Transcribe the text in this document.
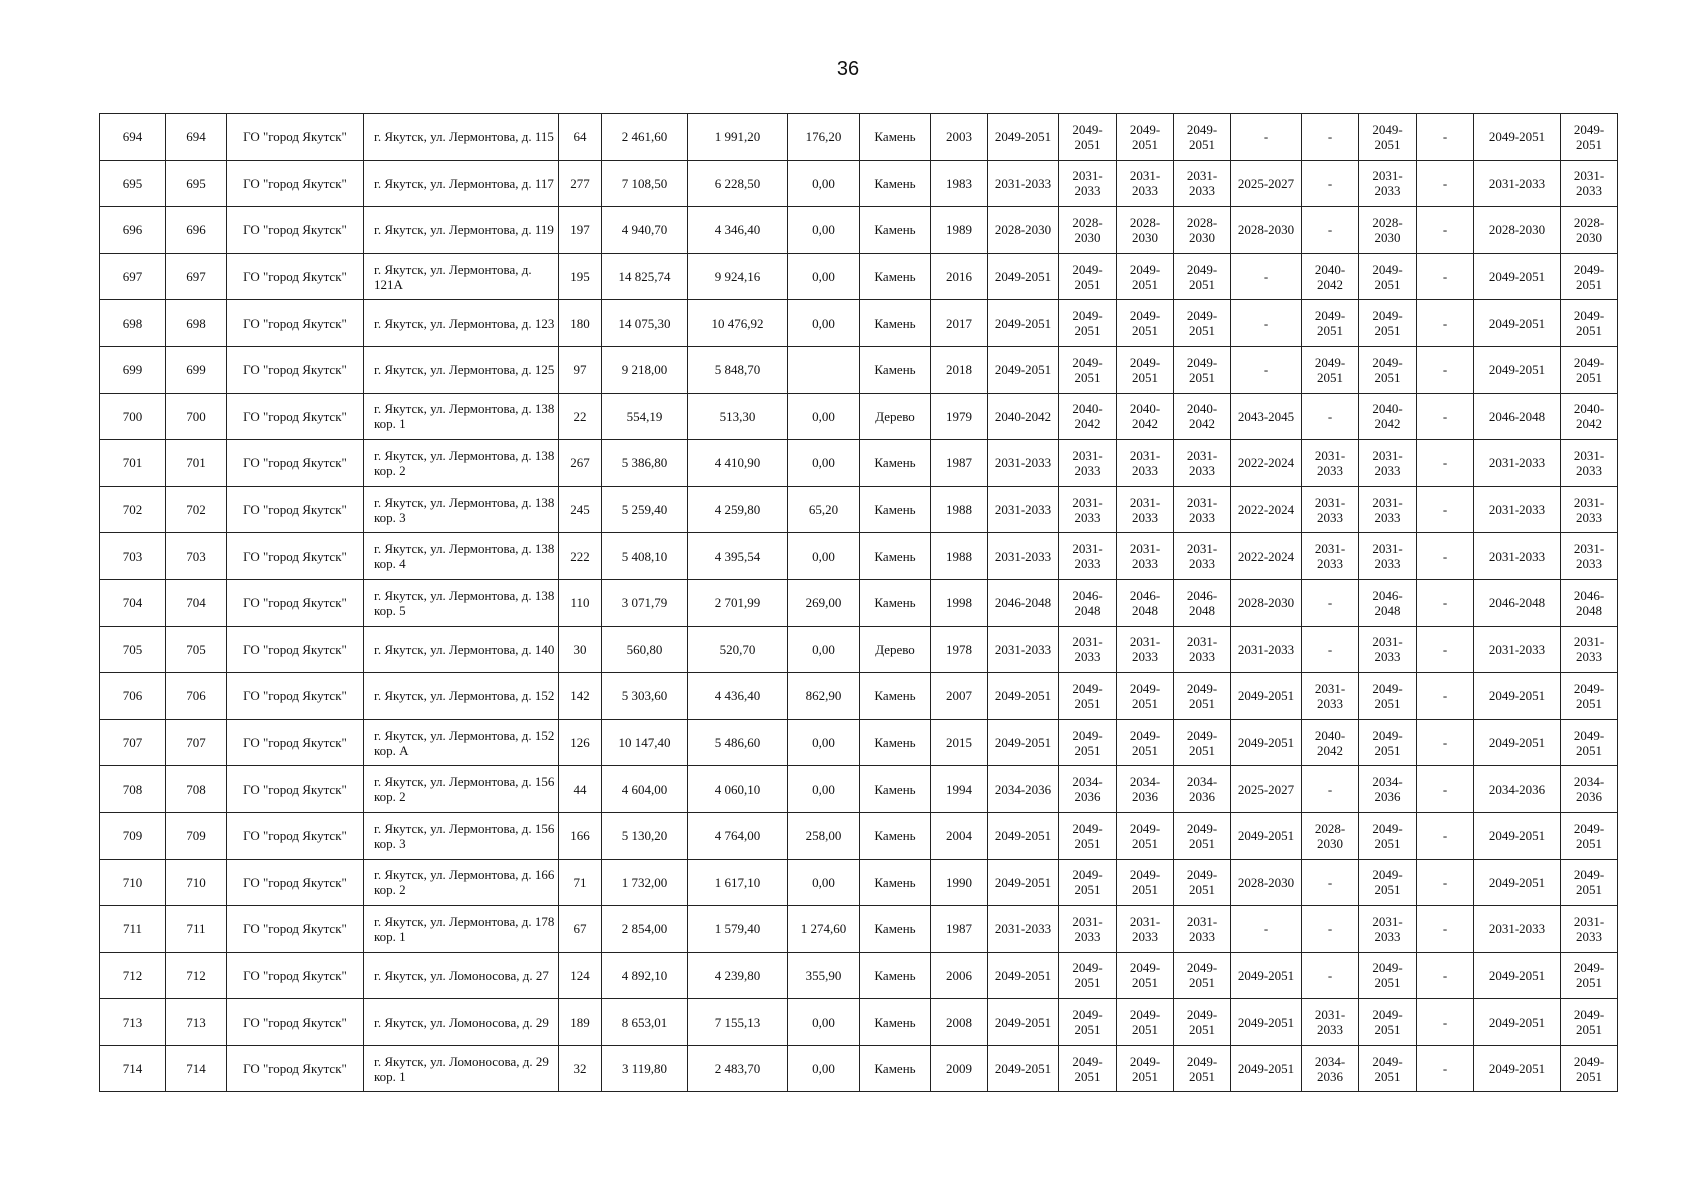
36
694	694	ГО "город Якутск"	г. Якутск, ул. Лермонтова, д. 115	64	2 461,60	1 991,20	176,20	Камень	2003	2049-2051	2049-2051	2049-2051	2049-2051	-	-	2049-2051	-	2049-2051	2049-2051
695	695	ГО "город Якутск"	г. Якутск, ул. Лермонтова, д. 117	277	7 108,50	6 228,50	0,00	Камень	1983	2031-2033	2031-2033	2031-2033	2031-2033	2025-2027	-	2031-2033	-	2031-2033	2031-2033
696	696	ГО "город Якутск"	г. Якутск, ул. Лермонтова, д. 119	197	4 940,70	4 346,40	0,00	Камень	1989	2028-2030	2028-2030	2028-2030	2028-2030	2028-2030	-	2028-2030	-	2028-2030	2028-2030
697	697	ГО "город Якутск"	г. Якутск, ул. Лермонтова, д. 121А	195	14 825,74	9 924,16	0,00	Камень	2016	2049-2051	2049-2051	2049-2051	2049-2051	-	2040-2042	2049-2051	-	2049-2051	2049-2051
698	698	ГО "город Якутск"	г. Якутск, ул. Лермонтова, д. 123	180	14 075,30	10 476,92	0,00	Камень	2017	2049-2051	2049-2051	2049-2051	2049-2051	-	2049-2051	2049-2051	-	2049-2051	2049-2051
699	699	ГО "город Якутск"	г. Якутск, ул. Лермонтова, д. 125	97	9 218,00	5 848,70		Камень	2018	2049-2051	2049-2051	2049-2051	2049-2051	-	2049-2051	2049-2051	-	2049-2051	2049-2051
700	700	ГО "город Якутск"	г. Якутск, ул. Лермонтова, д. 138 кор. 1	22	554,19	513,30	0,00	Дерево	1979	2040-2042	2040-2042	2040-2042	2040-2042	2043-2045	-	2040-2042	-	2046-2048	2040-2042
701	701	ГО "город Якутск"	г. Якутск, ул. Лермонтова, д. 138 кор. 2	267	5 386,80	4 410,90	0,00	Камень	1987	2031-2033	2031-2033	2031-2033	2031-2033	2022-2024	2031-2033	2031-2033	-	2031-2033	2031-2033
702	702	ГО "город Якутск"	г. Якутск, ул. Лермонтова, д. 138 кор. 3	245	5 259,40	4 259,80	65,20	Камень	1988	2031-2033	2031-2033	2031-2033	2031-2033	2022-2024	2031-2033	2031-2033	-	2031-2033	2031-2033
703	703	ГО "город Якутск"	г. Якутск, ул. Лермонтова, д. 138 кор. 4	222	5 408,10	4 395,54	0,00	Камень	1988	2031-2033	2031-2033	2031-2033	2031-2033	2022-2024	2031-2033	2031-2033	-	2031-2033	2031-2033
704	704	ГО "город Якутск"	г. Якутск, ул. Лермонтова, д. 138 кор. 5	110	3 071,79	2 701,99	269,00	Камень	1998	2046-2048	2046-2048	2046-2048	2046-2048	2028-2030	-	2046-2048	-	2046-2048	2046-2048
705	705	ГО "город Якутск"	г. Якутск, ул. Лермонтова, д. 140	30	560,80	520,70	0,00	Дерево	1978	2031-2033	2031-2033	2031-2033	2031-2033	2031-2033	-	2031-2033	-	2031-2033	2031-2033
706	706	ГО "город Якутск"	г. Якутск, ул. Лермонтова, д. 152	142	5 303,60	4 436,40	862,90	Камень	2007	2049-2051	2049-2051	2049-2051	2049-2051	2049-2051	2031-2033	2049-2051	-	2049-2051	2049-2051
707	707	ГО "город Якутск"	г. Якутск, ул. Лермонтова, д. 152 кор. А	126	10 147,40	5 486,60	0,00	Камень	2015	2049-2051	2049-2051	2049-2051	2049-2051	2049-2051	2040-2042	2049-2051	-	2049-2051	2049-2051
708	708	ГО "город Якутск"	г. Якутск, ул. Лермонтова, д. 156 кор. 2	44	4 604,00	4 060,10	0,00	Камень	1994	2034-2036	2034-2036	2034-2036	2034-2036	2025-2027	-	2034-2036	-	2034-2036	2034-2036
709	709	ГО "город Якутск"	г. Якутск, ул. Лермонтова, д. 156 кор. 3	166	5 130,20	4 764,00	258,00	Камень	2004	2049-2051	2049-2051	2049-2051	2049-2051	2049-2051	2028-2030	2049-2051	-	2049-2051	2049-2051
710	710	ГО "город Якутск"	г. Якутск, ул. Лермонтова, д. 166 кор. 2	71	1 732,00	1 617,10	0,00	Камень	1990	2049-2051	2049-2051	2049-2051	2049-2051	2028-2030	-	2049-2051	-	2049-2051	2049-2051
711	711	ГО "город Якутск"	г. Якутск, ул. Лермонтова, д. 178 кор. 1	67	2 854,00	1 579,40	1 274,60	Камень	1987	2031-2033	2031-2033	2031-2033	2031-2033	-	-	2031-2033	-	2031-2033	2031-2033
712	712	ГО "город Якутск"	г. Якутск, ул. Ломоносова, д. 27	124	4 892,10	4 239,80	355,90	Камень	2006	2049-2051	2049-2051	2049-2051	2049-2051	2049-2051	-	2049-2051	-	2049-2051	2049-2051
713	713	ГО "город Якутск"	г. Якутск, ул. Ломоносова, д. 29	189	8 653,01	7 155,13	0,00	Камень	2008	2049-2051	2049-2051	2049-2051	2049-2051	2049-2051	2031-2033	2049-2051	-	2049-2051	2049-2051
714	714	ГО "город Якутск"	г. Якутск, ул. Ломоносова, д. 29 кор. 1	32	3 119,80	2 483,70	0,00	Камень	2009	2049-2051	2049-2051	2049-2051	2049-2051	2049-2051	2034-2036	2049-2051	-	2049-2051	2049-2051
